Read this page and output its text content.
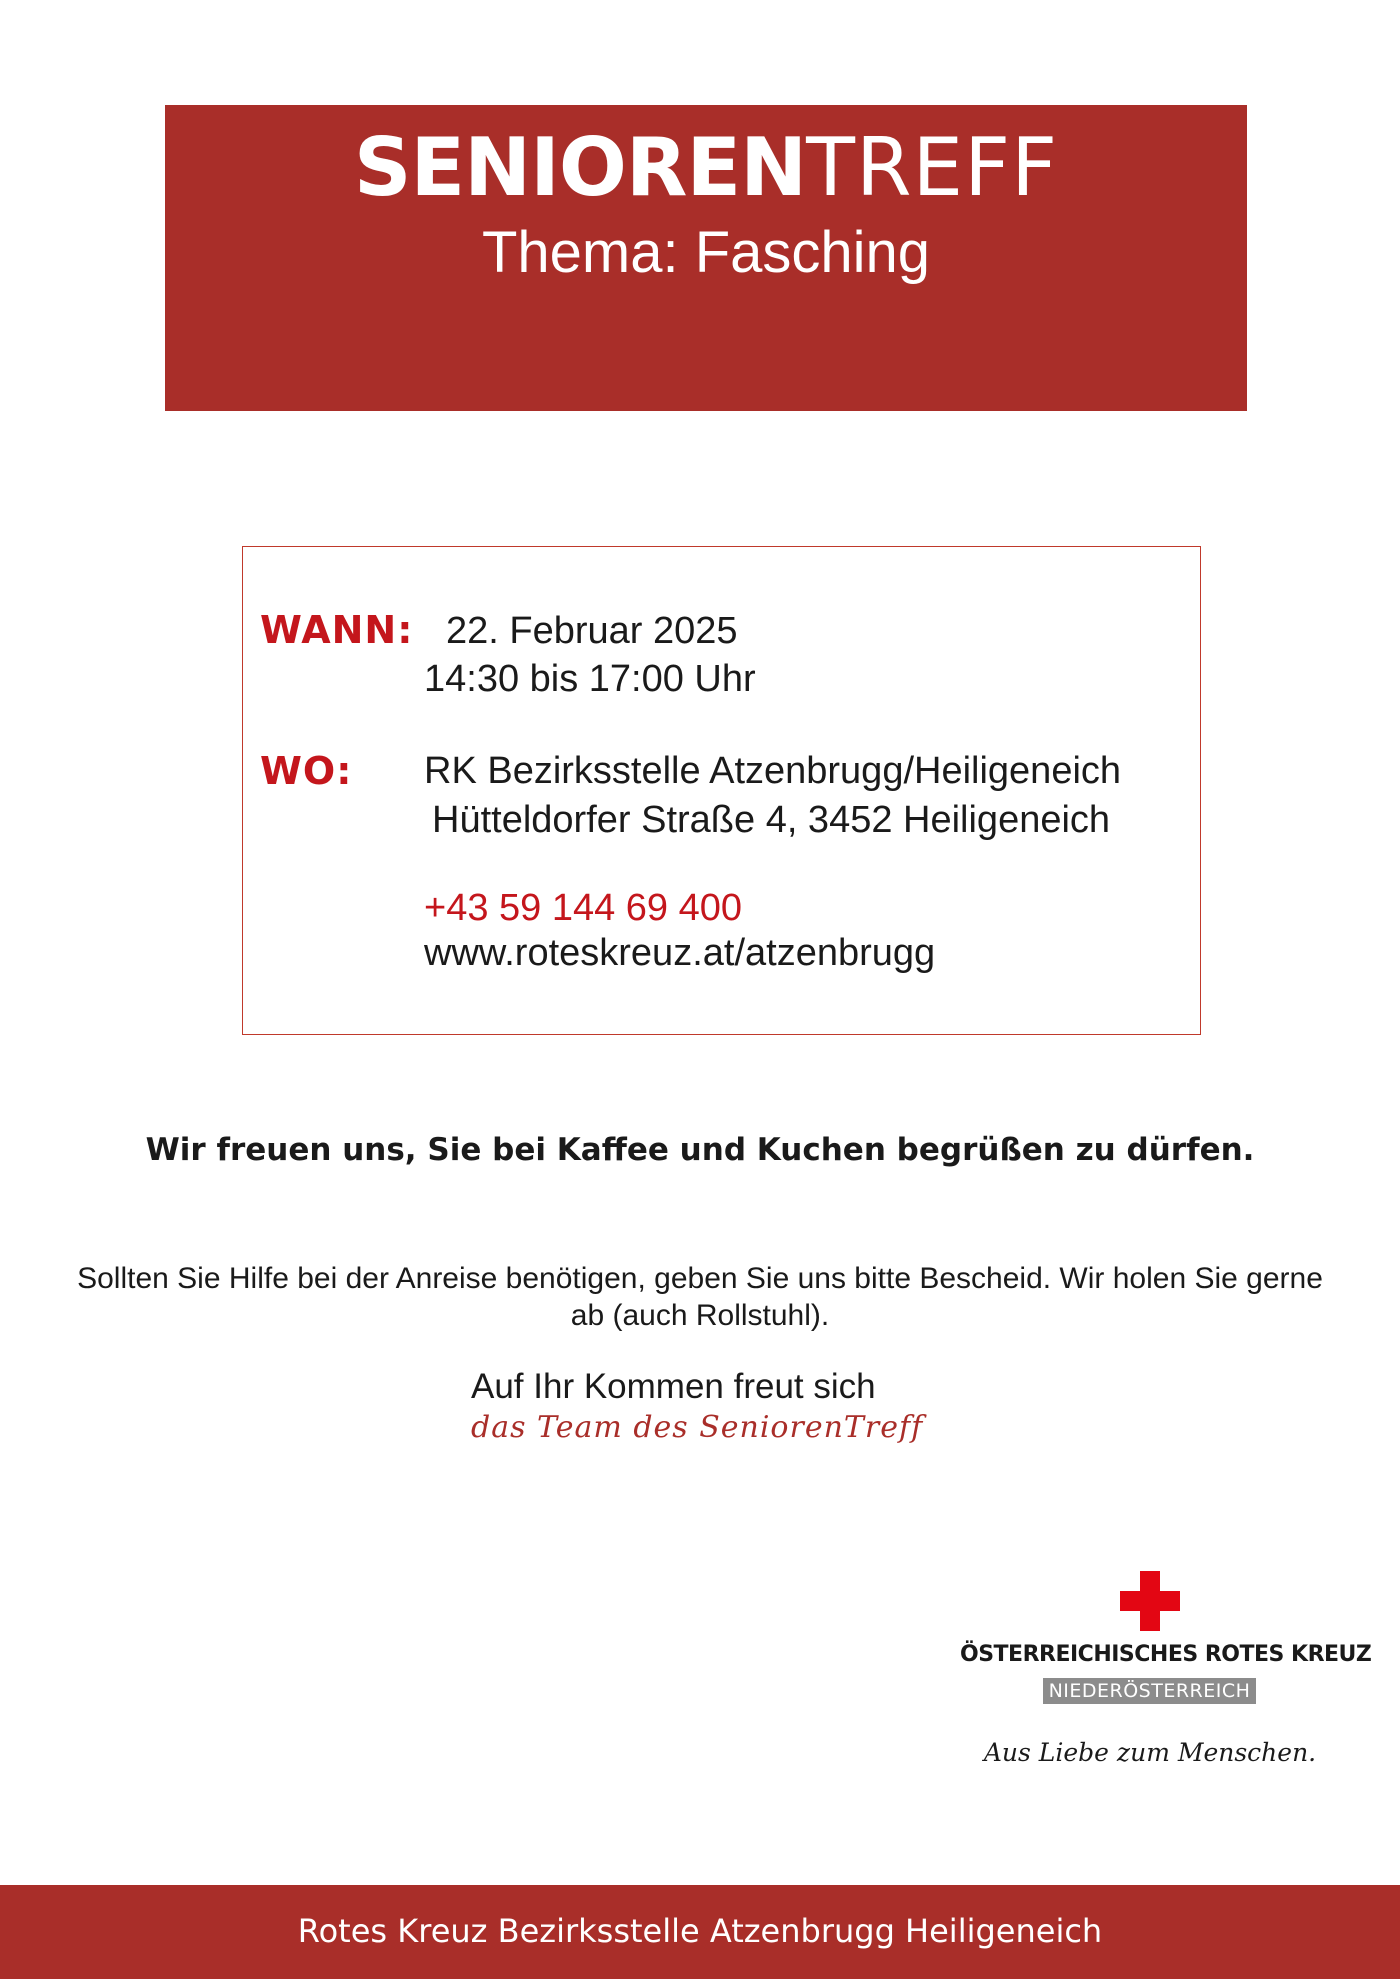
SENIORENTREFF
Thema: Fasching
WANN: 22. Februar 2025
14:30 bis 17:00 Uhr
WO: RK Bezirksstelle Atzenbrugg/Heiligeneich
Hütteldorfer Straße 4, 3452 Heiligeneich
+43 59 144 69 400
www.roteskreuz.at/atzenbrugg
Wir freuen uns, Sie bei Kaffee und Kuchen begrüßen zu dürfen.
Sollten Sie Hilfe bei der Anreise benötigen, geben Sie uns bitte Bescheid. Wir holen Sie gerne ab (auch Rollstuhl).
Auf Ihr Kommen freut sich
das Team des SeniorenTreff
ÖSTERREICHISCHES ROTES KREUZ
NIEDERÖSTERREICH
Aus Liebe zum Menschen.
Rotes Kreuz Bezirksstelle Atzenbrugg Heiligeneich
